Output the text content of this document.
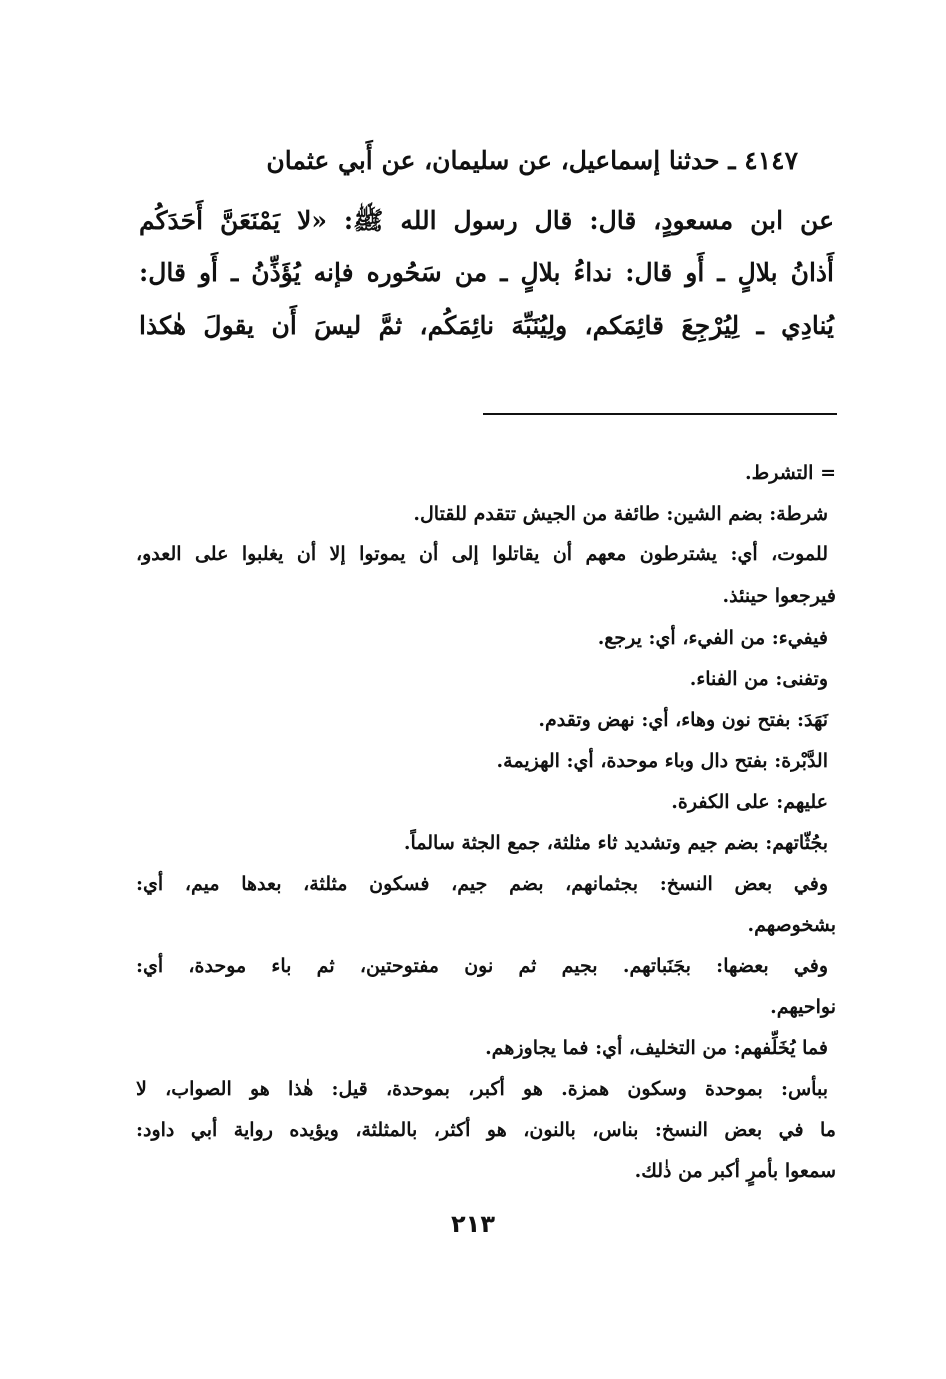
٤١٤٧ ـ حدثنا إسماعيل، عن سليمان، عن أَبي عثمان
عن ابن مسعودٍ، قال: قال رسول الله ﷺ: «لا يَمْنَعَنَّ أَحَدَكُم
أَذانُ بلالٍ ـ أَو قال: نداءُ بلالٍ ـ من سَحُوره فإنه يُؤَذِّنُ ـ أَو قال:
يُنادِي ـ لِيُرْجِعَ قائِمَكم، ولِيُنَبِّهَ نائِمَكُم، ثمَّ ليسَ أَن يقولَ هٰكذا
= التشرط.
شرطة: بضم الشين: طائفة من الجيش تتقدم للقتال.
للموت، أي: يشترطون معهم أن يقاتلوا إلى أن يموتوا إلا أن يغلبوا على العدو،
فيرجعوا حينئذ.
فيفيء: من الفيء، أي: يرجع.
وتفنى: من الفناء.
نَهَدَ: بفتح نون وهاء، أي: نهض وتقدم.
الدَّبْرة: بفتح دال وباء موحدة، أي: الهزيمة.
عليهم: على الكفرة.
بجُثّاتهم: بضم جيم وتشديد ثاء مثلثة، جمع الجثة سالماً.
وفي بعض النسخ: بجثمانهم، بضم جيم، فسكون مثلثة، بعدها ميم، أي:
بشخوصهم.
وفي بعضها: بجَنَباتهم. بجيم ثم نون مفتوحتين، ثم باء موحدة، أي:
نواحيهم.
فما يُخَلِّفهم: من التخليف، أي: فما يجاوزهم.
ببأس: بموحدة وسكون همزة. هو أكبر، بموحدة، قيل: هٰذا هو الصواب، لا
ما في بعض النسخ: بناس، بالنون، هو أكثر، بالمثلثة، ويؤيده رواية أبي داود:
سمعوا بأمرٍ أكبر من ذٰلك.
٢١٣
